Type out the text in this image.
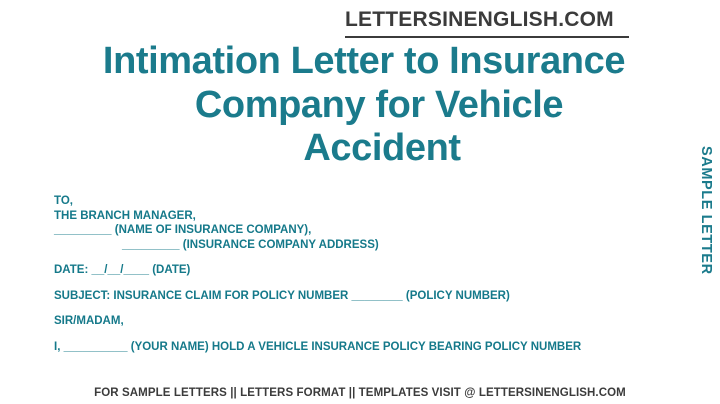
LETTERSINENGLISH.COM
Intimation Letter to Insurance
Company for Vehicle
Accident	SAMPLE LETTER
TO,
THE BRANCH MANAGER,
_________ (NAME OF INSURANCE COMPANY),
_________ (INSURANCE COMPANY ADDRESS)
DATE: __/__/____ (DATE)
SUBJECT: INSURANCE CLAIM FOR POLICY NUMBER ________ (POLICY NUMBER)
SIR/MADAM,
I, __________ (YOUR NAME) HOLD A VEHICLE INSURANCE POLICY BEARING POLICY NUMBER
FOR SAMPLE LETTERS || LETTERS FORMAT || TEMPLATES VISIT @ LETTERSINENGLISH.COM
